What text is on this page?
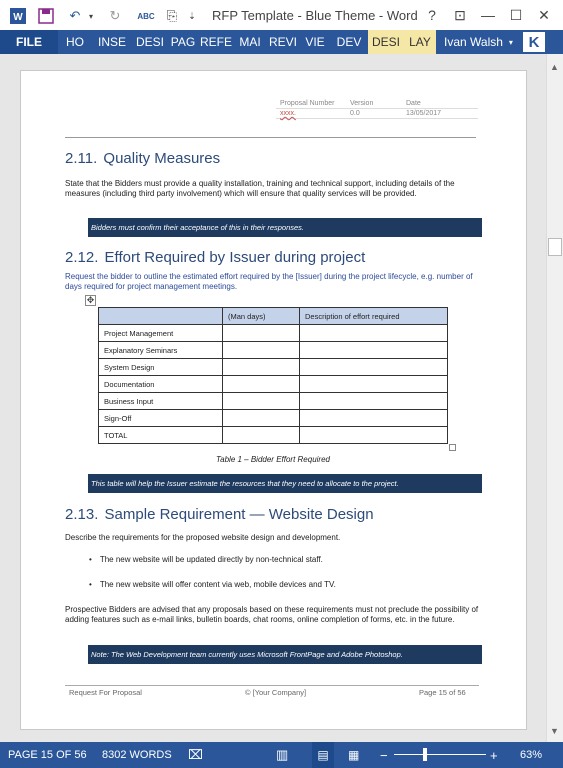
W	↶	▾ ↻	ABC ⎘	⇣ RFP Template - Blue Theme - Word ?	⊡	—	☐	✕
FILE	HO	INSE DESI PAG REFE MAI REVI VIE DEV DESI LAY	Ivan Walsh ▾	K
Proposal Number	Version	Date
xxxx.	0.0	13/05/2017
2.11. Quality Measures
State that the Bidders must provide a quality installation, training and technical support, including details of the measures (including third party involvement) which will ensure that quality services will be provided.
Bidders must confirm their acceptance of this in their responses.
2.12. Effort Required by Issuer during project
Request the bidder to outline the estimated effort required by the [Issuer] during the project lifecycle, e.g. number of days required for project management meetings.
✥
	(Man days)	Description of effort required
Project Management		
Explanatory Seminars		
System Design		
Documentation		
Business Input		
Sign-Off		
TOTAL		
Table 1 – Bidder Effort Required
This table will help the Issuer estimate the resources that they need to allocate to the project.
2.13. Sample Requirement — Website Design
Describe the requirements for the proposed website design and development.
• The new website will be updated directly by non-technical staff.
• The new website will offer content via web, mobile devices and TV.
Prospective Bidders are advised that any proposals based on these requirements must not preclude the possibility of adding features such as e-mail links, bulletin boards, chat rooms, online completion of forms, etc. in the future.
Note: The Web Development team currently uses Microsoft FrontPage and Adobe Photoshop.
Request For Proposal	© [Your Company]	Page 15 of 56
▲
▼
PAGE 15 OF 56 8302 WORDS ⌧	▥	▤	▦ −	+ 63%
